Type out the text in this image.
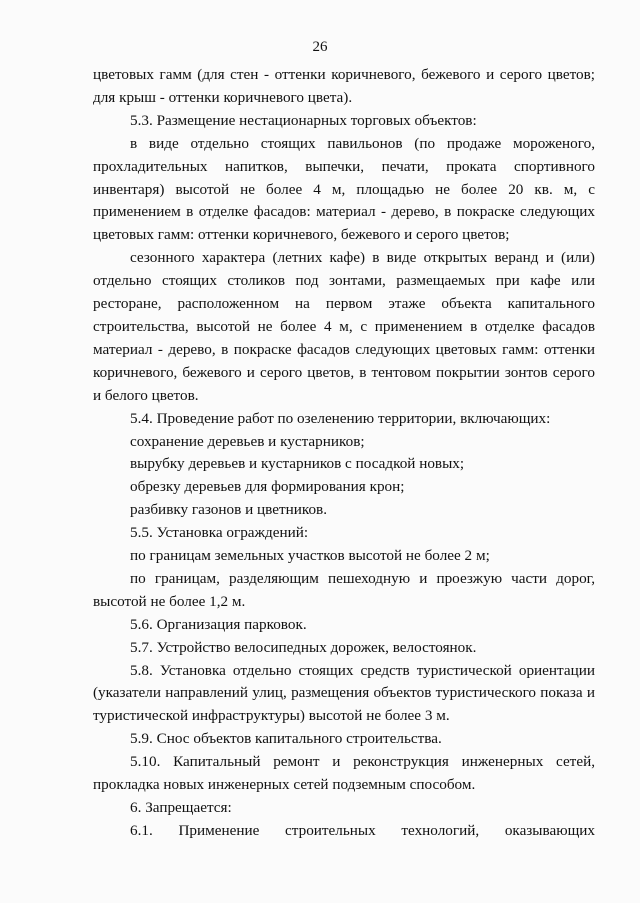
26

цветовых гамм (для стен - оттенки коричневого, бежевого и серого цветов; для крыш - оттенки коричневого цвета).

5.3. Размещение нестационарных торговых объектов:

в виде отдельно стоящих павильонов (по продаже мороженого, прохладительных напитков, выпечки, печати, проката спортивного инвентаря) высотой не более 4 м, площадью не более 20 кв. м, с применением в отделке фасадов: материал - дерево, в покраске следующих цветовых гамм: оттенки коричневого, бежевого и серого цветов;

сезонного характера (летних кафе) в виде открытых веранд и (или) отдельно стоящих столиков под зонтами, размещаемых при кафе или ресторане, расположенном на первом этаже объекта капитального строительства, высотой не более 4 м, с применением в отделке фасадов материал - дерево, в покраске фасадов следующих цветовых гамм: оттенки коричневого, бежевого и серого цветов, в тентовом покрытии зонтов серого и белого цветов.

5.4. Проведение работ по озеленению территории, включающих:

сохранение деревьев и кустарников;

вырубку деревьев и кустарников с посадкой новых;

обрезку деревьев для формирования крон;

разбивку газонов и цветников.

5.5. Установка ограждений:

по границам земельных участков высотой не более 2 м;

по границам, разделяющим пешеходную и проезжую части дорог, высотой не более 1,2 м.

5.6. Организация парковок.

5.7. Устройство велосипедных дорожек, велостоянок.

5.8. Установка отдельно стоящих средств туристической ориентации (указатели направлений улиц, размещения объектов туристического показа и туристической инфраструктуры) высотой не более 3 м.

5.9. Снос объектов капитального строительства.

5.10. Капитальный ремонт и реконструкция инженерных сетей, прокладка новых инженерных сетей подземным способом.

6. Запрещается:

6.1. Применение строительных технологий, оказывающих
